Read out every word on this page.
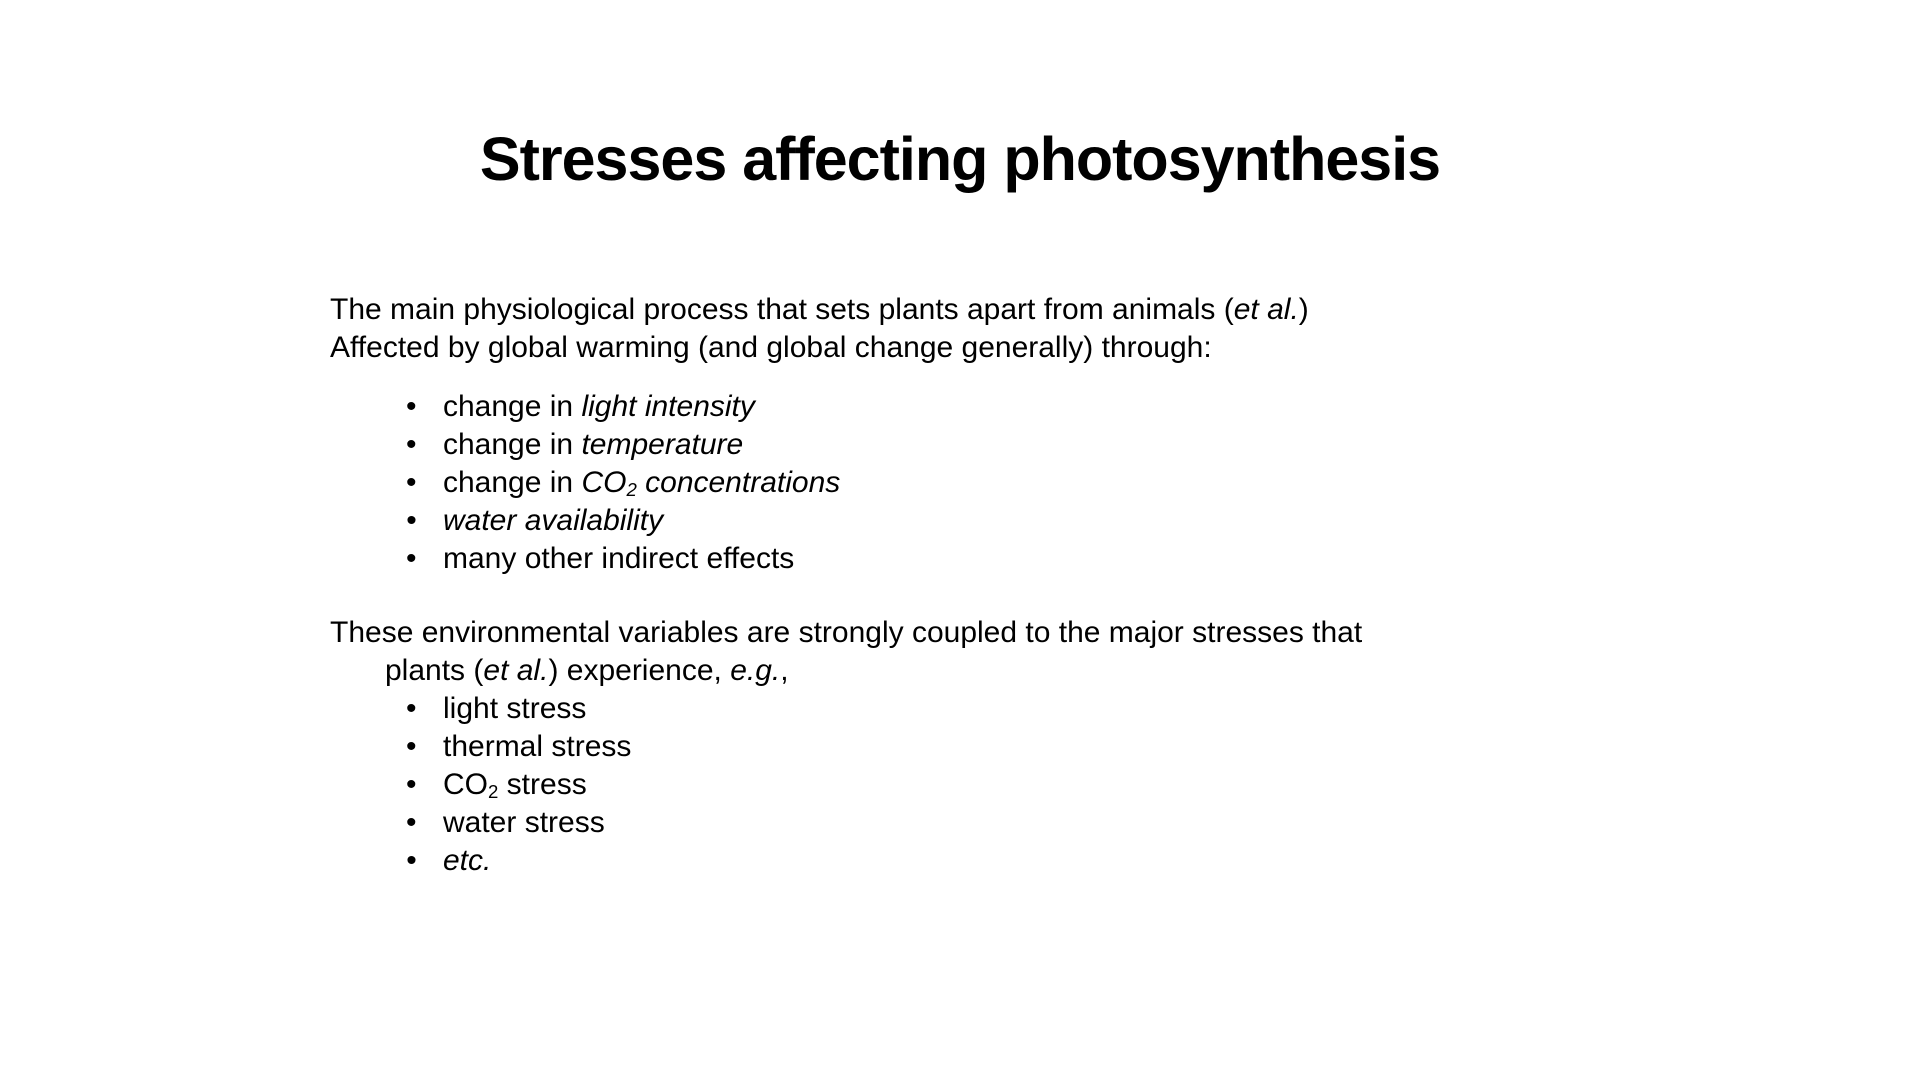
Stresses affecting photosynthesis

The main physiological process that sets plants apart from animals (et al.)
Affected by global warming (and global change generally) through:

• change in light intensity
• change in temperature
• change in $CO_2$ concentrations
• water availability
• many other indirect effects

These environmental variables are strongly coupled to the major stresses that
plants (et al.) experience, e.g.,

• light stress
• thermal stress
• $CO_2$ stress
• water stress
• etc.
